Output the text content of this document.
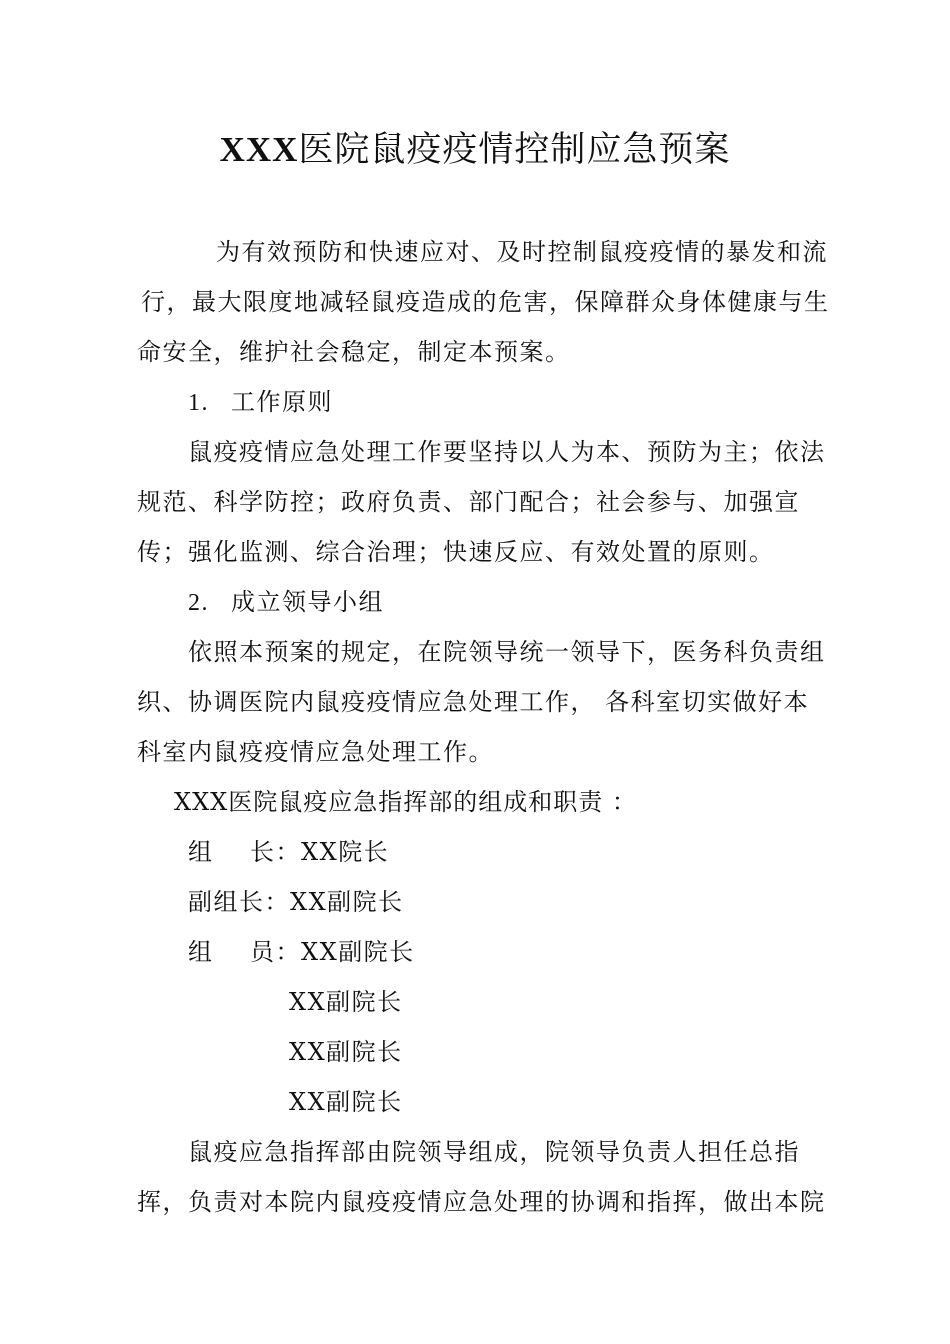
XXX医院鼠疫疫情控制应急预案
为有效预防和快速应对、及时控制鼠疫疫情的暴发和流
行，最大限度地减轻鼠疫造成的危害，保障群众身体健康与生
命安全，维护社会稳定，制定本预案。
1. 工作原则
鼠疫疫情应急处理工作要坚持以人为本、预防为主；依法
规范、科学防控；政府负责、部门配合；社会参与、加强宣
传；强化监测、综合治理；快速反应、有效处置的原则。
2. 成立领导小组
依照本预案的规定，在院领导统一领导下，医务科负责组
织、协调医院内鼠疫疫情应急处理工作， 各科室切实做好本
科室内鼠疫疫情应急处理工作。
XXX医院鼠疫应急指挥部的组成和职责 ：
组    长：XX院长
副组长：XX副院长
组    员：XX副院长
XX副院长
XX副院长
XX副院长
鼠疫应急指挥部由院领导组成，院领导负责人担任总指
挥，负责对本院内鼠疫疫情应急处理的协调和指挥，做出本院
